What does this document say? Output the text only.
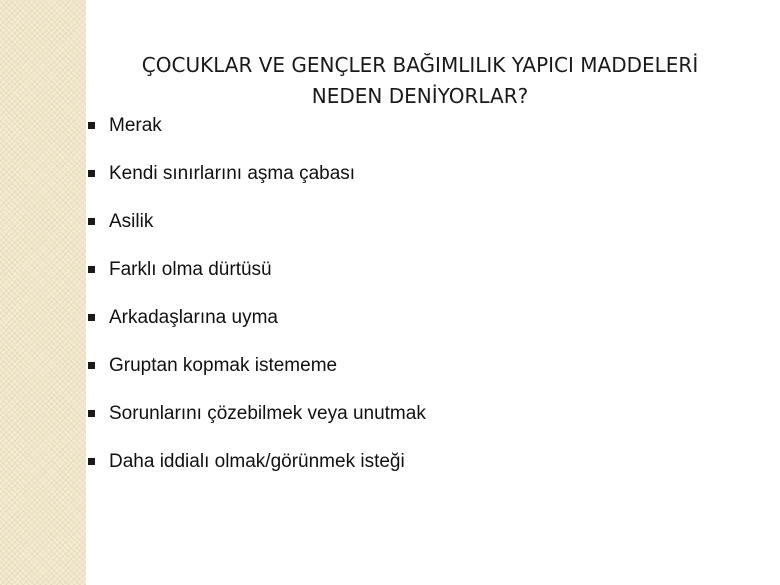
ÇOCUKLAR VE GENÇLER BAĞIMLILIK YAPICI MADDELERİ
NEDEN DENİYORLAR?
Merak
Kendi sınırlarını aşma çabası
Asilik
Farklı olma dürtüsü
Arkadaşlarına uyma
Gruptan kopmak istememe
Sorunlarını çözebilmek veya unutmak
Daha iddialı olmak/görünmek isteği
